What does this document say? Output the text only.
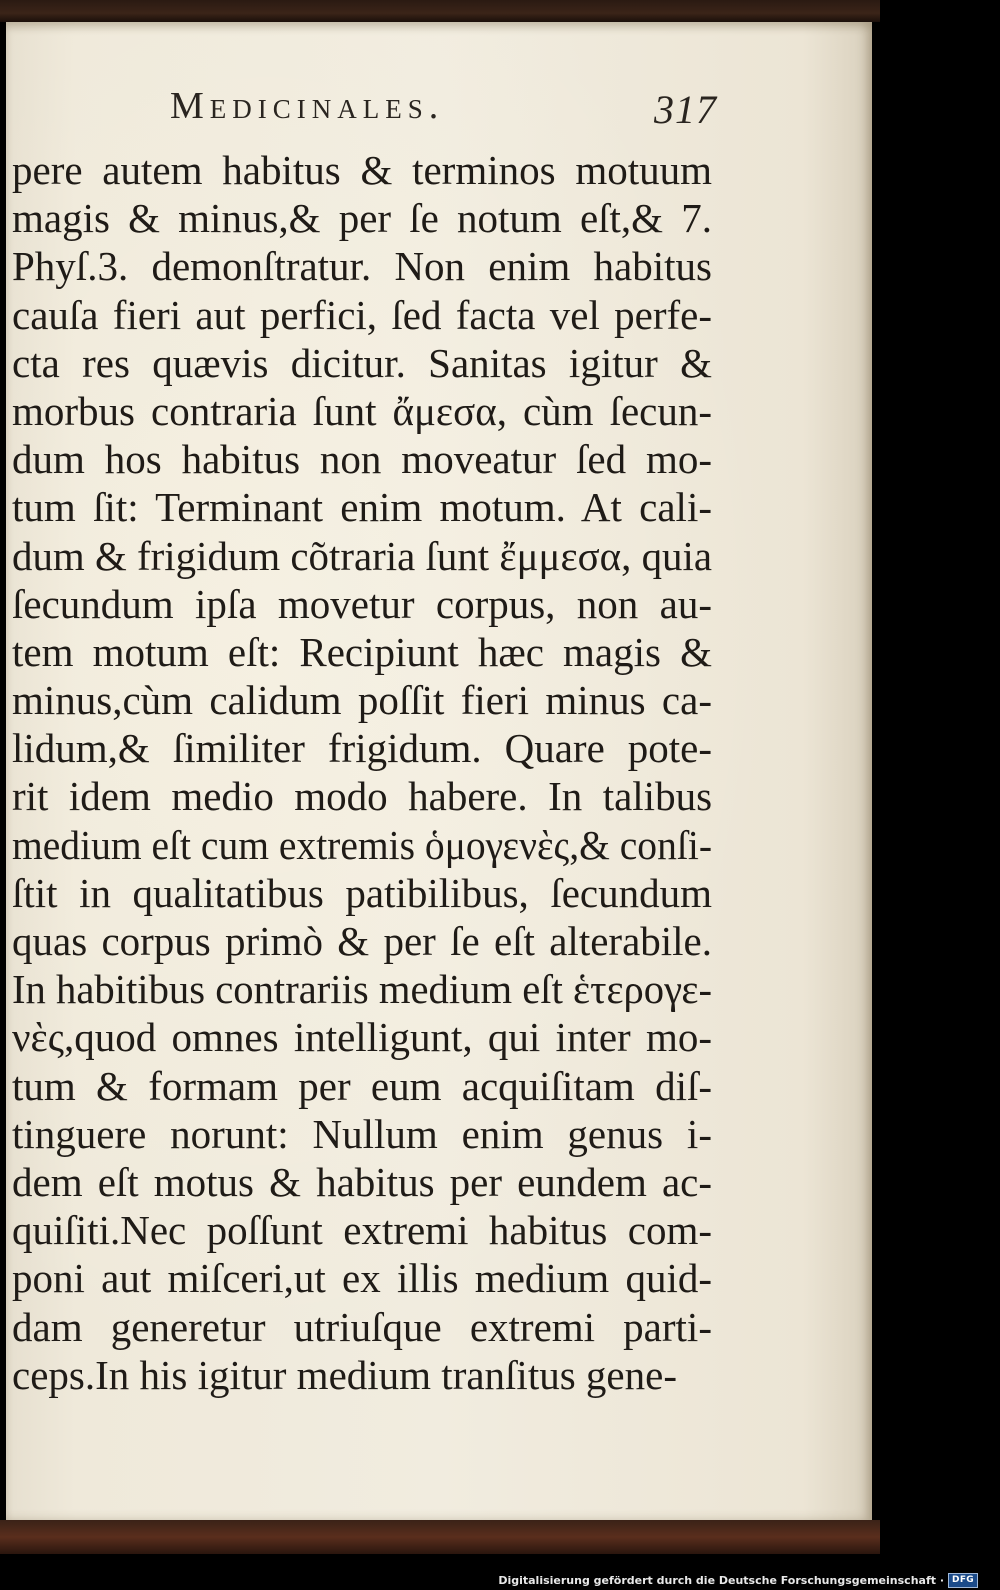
Medicinales.	317
pere autem habitus & terminos motuum
magis & minus,& per ſe notum eſt,& 7.
Phyſ.3. demonſtratur. Non enim habitus
cauſa fieri aut perfici, ſed facta vel perfe-
cta res quævis dicitur. Sanitas igitur &
morbus contraria ſunt ἄμεσα, cùm ſecun-
dum hos habitus non moveatur ſed mo-
tum ſit: Terminant enim motum. At cali-
dum & frigidum cõtraria ſunt ἔμμεσα, quia
ſecundum ipſa movetur corpus, non au-
tem motum eſt: Recipiunt hæc magis &
minus,cùm calidum poſſit fieri minus ca-
lidum,& ſimiliter frigidum. Quare pote-
rit idem medio modo habere. In talibus
medium eſt cum extremis ὁμογενὲς,& conſi-
ſtit in qualitatibus patibilibus, ſecundum
quas corpus primò & per ſe eſt alterabile.
In habitibus contrariis medium eſt ἑτερογε-
νὲς,quod omnes intelligunt, qui inter mo-
tum & formam per eum acquiſitam diſ-
tinguere norunt: Nullum enim genus i-
dem eſt motus & habitus per eundem ac-
quiſiti.Nec poſſunt extremi habitus com-
poni aut miſceri,ut ex illis medium quid-
dam generetur utriuſque extremi parti-
ceps.In his igitur medium tranſitus gene-
Digitalisierung gefördert durch die Deutsche Forschungsgemeinschaft · DFG
